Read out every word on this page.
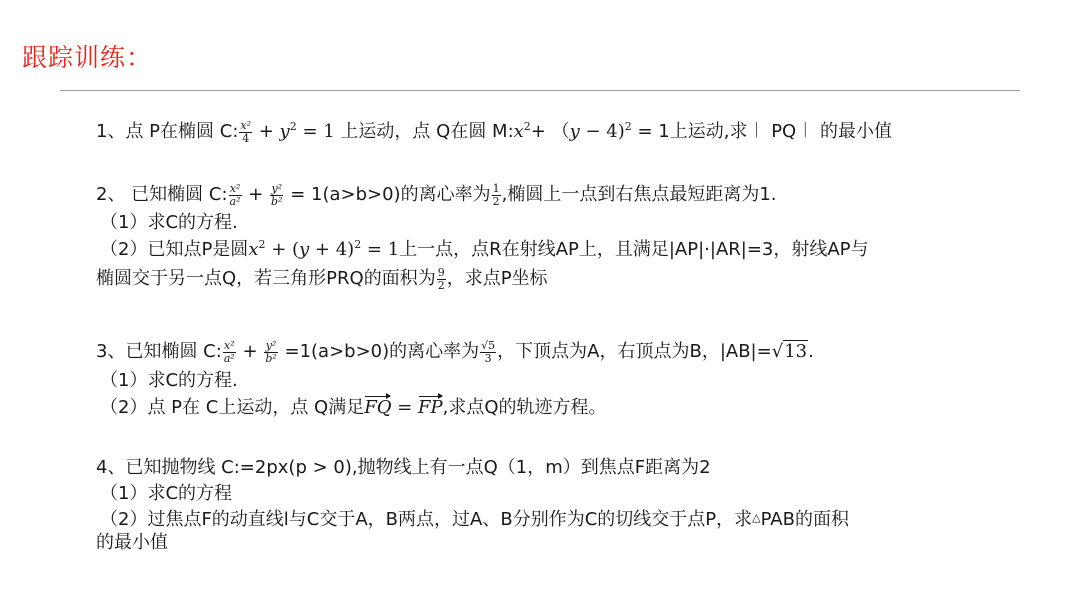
跟踪训练：
1、点 P在椭圆 C: $\frac{\text{x²}}{4} + y^2 = 1$ 上运动，点 Q在圆 $M:x^2+ (y - 4)^2 = 1$上运动,求︱ PQ︱ 的最小值
2、 已知椭圆 C: $\frac{\text{x²}}{\text{a²}} + \frac{\text{y²}}{\text{b²}} = 1(a>b>0)$的离心率为 $\frac{1}{2}$ ,椭圆上一点到右焦点最短距离为1.
（1）求C的方程.
（2）已知点P是圆$x^2 + (y + 4)^2 = 1$上一点，点R在射线AP上，且满足|AP|·|AR|=3，射线AP与
椭圆交于另一点Q，若三角形PRQ的面积为 $\frac{9}{2}$ ，求点P坐标
3、已知椭圆 C: $\frac{\text{x²}}{\text{a²}} + \frac{\text{y²}}{\text{b²}} =1(a>b>0)$的离心率为 $\frac{√5}{3}$ ，下顶点为A，右顶点为B，|AB|=√13.
（1）求C的方程.
（2）点 P在 C上运动，点 Q满足FQ = FP,求点Q的轨迹方程。
4、已知抛物线 C:=2px(p > 0),抛物线上有一点Q（1，m）到焦点F距离为2
（1）求C的方程
（2）过焦点F的动直线l与C交于A，B两点，过A、B分别作为C的切线交于点P，求△PAB的面积
的最小值
